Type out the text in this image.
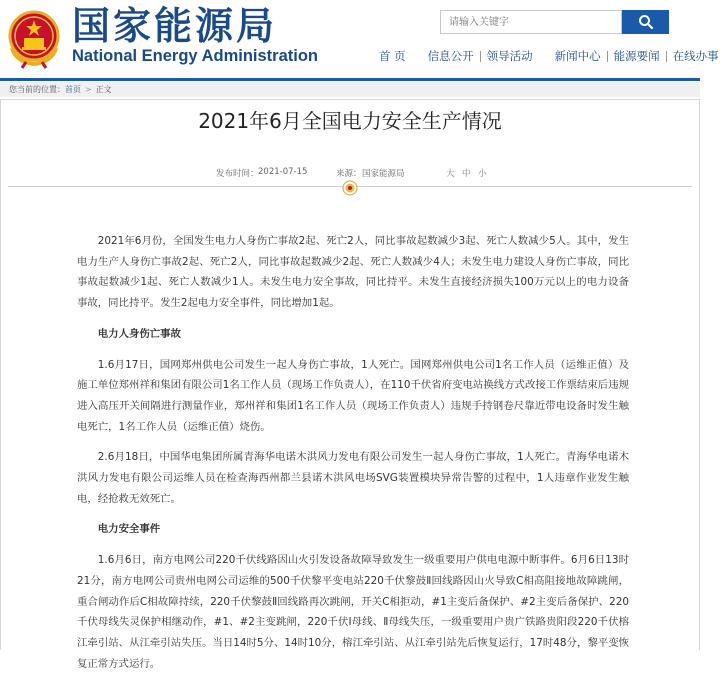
国家能源局
National Energy Administration
请输入关键字	首 页 信息公开 领导活动 新闻中心 能源要闻 在线办事
您当前的位置： 首页 > 正文
2021年6月全国电力安全生产情况
发布时间： 2021-07-15	来源： 国家能源局	大 中 小

2021年6月份，全国发生电力人身伤亡事故2起、死亡2人，同比事故起数减少3起、死亡人数减少5人。其中，发生电力生产人身伤亡事故2起、死亡2人，同比事故起数减少2起、死亡人数减少4人；未发生电力建设人身伤亡事故，同比事故起数减少1起、死亡人数减少1人。未发生电力安全事故，同比持平。未发生直接经济损失100万元以上的电力设备事故，同比持平。发生2起电力安全事件，同比增加1起。

电力人身伤亡事故

1.6月17日，国网郑州供电公司发生一起人身伤亡事故，1人死亡。国网郑州供电公司1名工作人员（运维正值）及施工单位郑州祥和集团有限公司1名工作人员（现场工作负责人），在110千伏省府变电站换线方式改接工作票结束后违规进入高压开关间隔进行测量作业，郑州祥和集团1名工作人员（现场工作负责人）违规手持钢卷尺靠近带电设备时发生触电死亡，1名工作人员（运维正值）烧伤。

2.6月18日，中国华电集团所属青海华电诺木洪风力发电有限公司发生一起人身伤亡事故，1人死亡。青海华电诺木洪风力发电有限公司运维人员在检查海西州都兰县诺木洪风电场SVG装置模块异常告警的过程中，1人违章作业发生触电，经抢救无效死亡。

电力安全事件

1.6月6日，南方电网公司220千伏线路因山火引发设备故障导致发生一级重要用户供电电源中断事件。6月6日13时21分，南方电网公司贵州电网公司运维的500千伏黎平变电站220千伏黎鼓Ⅱ回线路因山火导致C相高阻接地故障跳闸，重合闸动作后C相故障持续，220千伏黎鼓Ⅱ回线路再次跳闸，开关C相拒动，#1主变后备保护、#2主变后备保护、220千伏母线失灵保护相继动作，#1、#2主变跳闸，220千伏Ⅰ母线、Ⅱ母线失压，一级重要用户贵广铁路贵阳段220千伏榕江牵引站、从江牵引站失压。当日14时5分、14时10分，榕江牵引站、从江牵引站先后恢复运行，17时48分，黎平变恢复正常方式运行。
